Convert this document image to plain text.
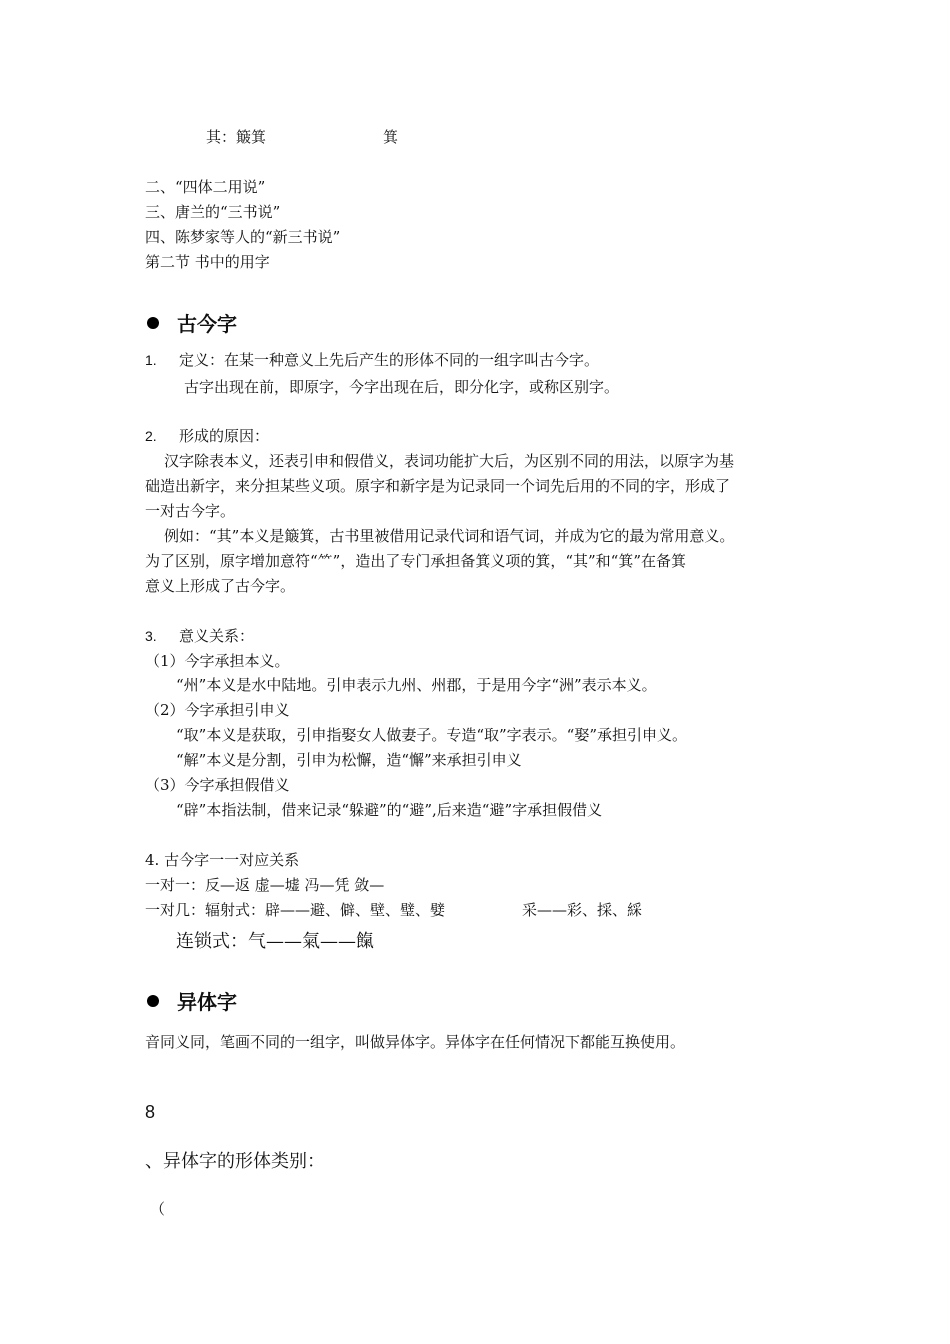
其：簸箕	箕
二、“四体二用说”
三、唐兰的“三书说”
四、陈梦家等人的“新三书说”
第二节 书中的用字
古今字
1. 定义：在某一种意义上先后产生的形体不同的一组字叫古今字。
古字出现在前，即原字，今字出现在后，即分化字，或称区别字。
2. 形成的原因：
汉字除表本义，还表引申和假借义，表词功能扩大后，为区别不同的用法，以原字为基
础造出新字，来分担某些义项。原字和新字是为记录同一个词先后用的不同的字，形成了
一对古今字。
例如：“其”本义是簸箕，古书里被借用记录代词和语气词，并成为它的最为常用意义。
为了区别，原字增加意符“⺮”，造出了专门承担备箕义项的箕，“其”和“箕”在备箕
意义上形成了古今字。
3. 意义关系：
（1）今字承担本义。
“州”本义是水中陆地。引申表示九州、州郡，于是用今字“洲”表示本义。
（2）今字承担引申义
“取”本义是获取，引申指娶女人做妻子。专造“取”字表示。“娶”承担引申义。
“解”本义是分割，引申为松懈，造“懈”来承担引申义
（3）今字承担假借义
“辟”本指法制，借来记录“躲避”的“避”,后来造“避”字承担假借义
4. 古今字一一对应关系
一对一：反—返 虚—墟 冯—凭 敛—
一对几：辐射式：辟——避、僻、壁、璧、嬖	采——彩、採、綵
连锁式：气——氣——餼
异体字
音同义同，笔画不同的一组字，叫做异体字。异体字在任何情况下都能互换使用。
8
、异体字的形体类别：
（
